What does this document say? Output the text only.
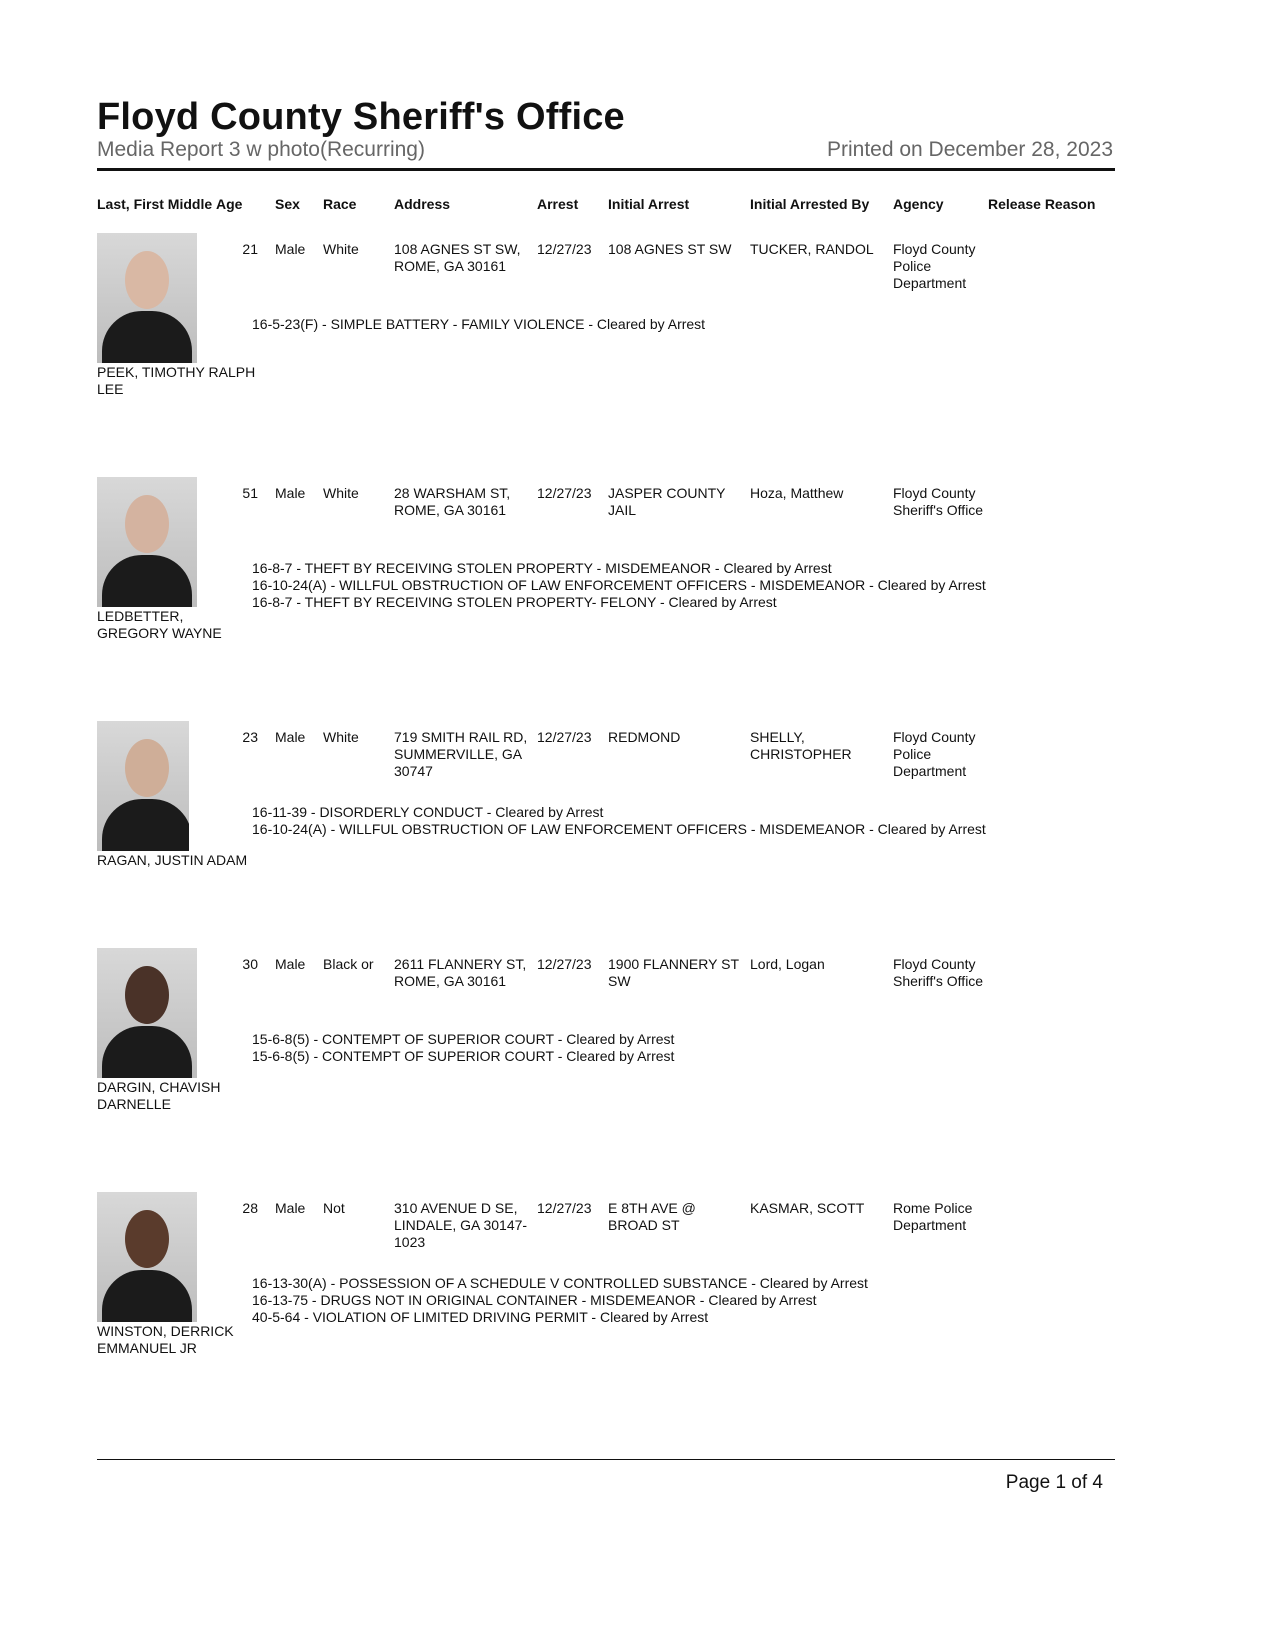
Floyd County Sheriff's Office
Media Report 3 w photo(Recurring)	Printed on December 28, 2023
Last, First Middle Age Sex Race	Address	Arrest Initial Arrest	Initial Arrested By Agency	Release Reason
PEEK, TIMOTHY RALPH LEE
21 Male	White	108 AGNES ST SW, ROME, GA 30161
12/27/23	108 AGNES ST SW	TUCKER, RANDOL	Floyd County Police Department
16-5-23(F) - SIMPLE BATTERY - FAMILY VIOLENCE - Cleared by Arrest
LEDBETTER, GREGORY WAYNE
51 Male	White	28 WARSHAM ST, ROME, GA 30161
12/27/23	JASPER COUNTY JAIL
Hoza, Matthew	Floyd County Sheriff's Office
16-8-7 - THEFT BY RECEIVING STOLEN PROPERTY - MISDEMEANOR - Cleared by Arrest
16-10-24(A) - WILLFUL OBSTRUCTION OF LAW ENFORCEMENT OFFICERS - MISDEMEANOR - Cleared by Arrest
16-8-7 - THEFT BY RECEIVING STOLEN PROPERTY- FELONY - Cleared by Arrest
RAGAN, JUSTIN ADAM
23 Male	White	719 SMITH RAIL RD, SUMMERVILLE, GA 30747
12/27/23	REDMOND	SHELLY, CHRISTOPHER
Floyd County Police Department
16-11-39 - DISORDERLY CONDUCT - Cleared by Arrest
16-10-24(A) - WILLFUL OBSTRUCTION OF LAW ENFORCEMENT OFFICERS - MISDEMEANOR - Cleared by Arrest
DARGIN, CHAVISH DARNELLE
30 Male	Black or	2611 FLANNERY ST, ROME, GA 30161
12/27/23	1900 FLANNERY ST SW
Lord, Logan	Floyd County Sheriff's Office
15-6-8(5) - CONTEMPT OF SUPERIOR COURT - Cleared by Arrest
15-6-8(5) - CONTEMPT OF SUPERIOR COURT - Cleared by Arrest
WINSTON, DERRICK EMMANUEL JR
28 Male	Not	310 AVENUE D SE, LINDALE, GA 30147-1023
12/27/23	E 8TH AVE @ BROAD ST
KASMAR, SCOTT	Rome Police Department
16-13-30(A) - POSSESSION OF A SCHEDULE V CONTROLLED SUBSTANCE - Cleared by Arrest
16-13-75 - DRUGS NOT IN ORIGINAL CONTAINER - MISDEMEANOR - Cleared by Arrest
40-5-64 - VIOLATION OF LIMITED DRIVING PERMIT - Cleared by Arrest
Page 1 of 4
